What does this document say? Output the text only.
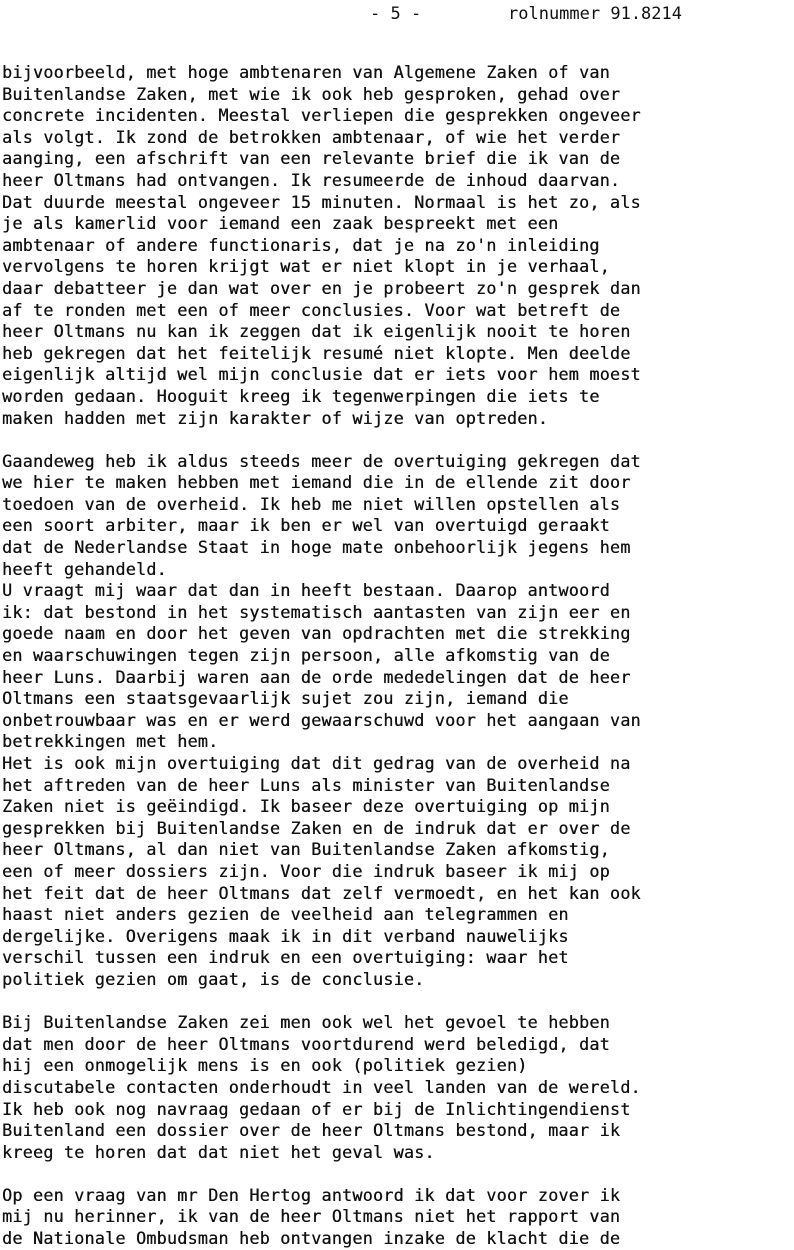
- 5 -	rolnummer 91.8214
bijvoorbeeld, met hoge ambtenaren van Algemene Zaken of van
Buitenlandse Zaken, met wie ik ook heb gesproken, gehad over
concrete incidenten. Meestal verliepen die gesprekken ongeveer
als volgt. Ik zond de betrokken ambtenaar, of wie het verder
aanging, een afschrift van een relevante brief die ik van de
heer Oltmans had ontvangen. Ik resumeerde de inhoud daarvan.
Dat duurde meestal ongeveer 15 minuten. Normaal is het zo, als
je als kamerlid voor iemand een zaak bespreekt met een
ambtenaar of andere functionaris, dat je na zo'n inleiding
vervolgens te horen krijgt wat er niet klopt in je verhaal,
daar debatteer je dan wat over en je probeert zo'n gesprek dan
af te ronden met een of meer conclusies. Voor wat betreft de
heer Oltmans nu kan ik zeggen dat ik eigenlijk nooit te horen
heb gekregen dat het feitelijk resumé niet klopte. Men deelde
eigenlijk altijd wel mijn conclusie dat er iets voor hem moest
worden gedaan. Hooguit kreeg ik tegenwerpingen die iets te
maken hadden met zijn karakter of wijze van optreden.
Gaandeweg heb ik aldus steeds meer de overtuiging gekregen dat
we hier te maken hebben met iemand die in de ellende zit door
toedoen van de overheid. Ik heb me niet willen opstellen als
een soort arbiter, maar ik ben er wel van overtuigd geraakt
dat de Nederlandse Staat in hoge mate onbehoorlijk jegens hem
heeft gehandeld.
U vraagt mij waar dat dan in heeft bestaan. Daarop antwoord
ik: dat bestond in het systematisch aantasten van zijn eer en
goede naam en door het geven van opdrachten met die strekking
en waarschuwingen tegen zijn persoon, alle afkomstig van de
heer Luns. Daarbij waren aan de orde mededelingen dat de heer
Oltmans een staatsgevaarlijk sujet zou zijn, iemand die
onbetrouwbaar was en er werd gewaarschuwd voor het aangaan van
betrekkingen met hem.
Het is ook mijn overtuiging dat dit gedrag van de overheid na
het aftreden van de heer Luns als minister van Buitenlandse
Zaken niet is geëindigd. Ik baseer deze overtuiging op mijn
gesprekken bij Buitenlandse Zaken en de indruk dat er over de
heer Oltmans, al dan niet van Buitenlandse Zaken afkomstig,
een of meer dossiers zijn. Voor die indruk baseer ik mij op
het feit dat de heer Oltmans dat zelf vermoedt, en het kan ook
haast niet anders gezien de veelheid aan telegrammen en
dergelijke. Overigens maak ik in dit verband nauwelijks
verschil tussen een indruk en een overtuiging: waar het
politiek gezien om gaat, is de conclusie.
Bij Buitenlandse Zaken zei men ook wel het gevoel te hebben
dat men door de heer Oltmans voortdurend werd beledigd, dat
hij een onmogelijk mens is en ook (politiek gezien)
discutabele contacten onderhoudt in veel landen van de wereld.
Ik heb ook nog navraag gedaan of er bij de Inlichtingendienst
Buitenland een dossier over de heer Oltmans bestond, maar ik
kreeg te horen dat dat niet het geval was.
Op een vraag van mr Den Hertog antwoord ik dat voor zover ik
mij nu herinner, ik van de heer Oltmans niet het rapport van
de Nationale Ombudsman heb ontvangen inzake de klacht die de
